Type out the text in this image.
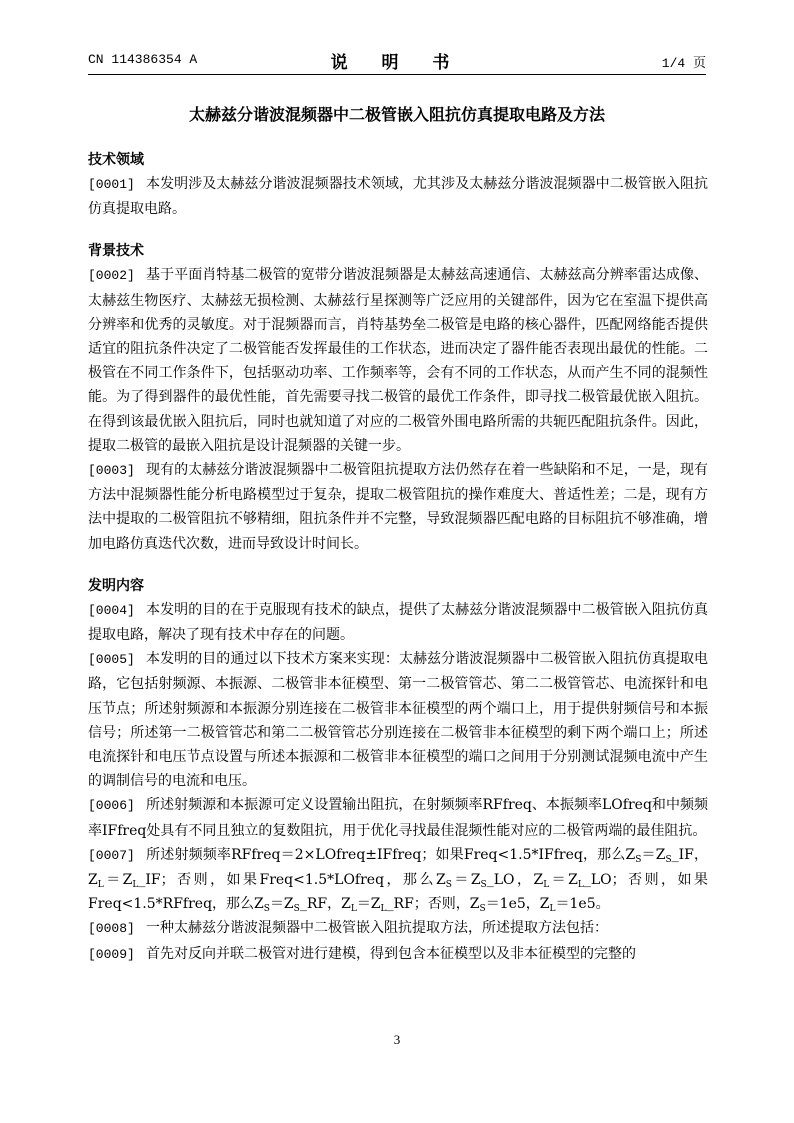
CN 114386354 A	说 明 书	1/4 页
太赫兹分谐波混频器中二极管嵌入阻抗仿真提取电路及方法
技术领域
[0001] 本发明涉及太赫兹分谐波混频器技术领域，尤其涉及太赫兹分谐波混频器中二极管嵌入阻抗仿真提取电路。
背景技术
[0002] 基于平面肖特基二极管的宽带分谐波混频器是太赫兹高速通信、太赫兹高分辨率雷达成像、太赫兹生物医疗、太赫兹无损检测、太赫兹行星探测等广泛应用的关键部件，因为它在室温下提供高分辨率和优秀的灵敏度。对于混频器而言，肖特基势垒二极管是电路的核心器件，匹配网络能否提供适宜的阻抗条件决定了二极管能否发挥最佳的工作状态，进而决定了器件能否表现出最优的性能。二极管在不同工作条件下，包括驱动功率、工作频率等，会有不同的工作状态，从而产生不同的混频性能。为了得到器件的最优性能，首先需要寻找二极管的最优工作条件，即寻找二极管最优嵌入阻抗。在得到该最优嵌入阻抗后，同时也就知道了对应的二极管外围电路所需的共轭匹配阻抗条件。因此，提取二极管的最嵌入阻抗是设计混频器的关键一步。
[0003] 现有的太赫兹分谐波混频器中二极管阻抗提取方法仍然存在着一些缺陷和不足，一是，现有方法中混频器性能分析电路模型过于复杂，提取二极管阻抗的操作难度大、普适性差；二是，现有方法中提取的二极管阻抗不够精细，阻抗条件并不完整，导致混频器匹配电路的目标阻抗不够准确，增加电路仿真迭代次数，进而导致设计时间长。
发明内容
[0004] 本发明的目的在于克服现有技术的缺点，提供了太赫兹分谐波混频器中二极管嵌入阻抗仿真提取电路，解决了现有技术中存在的问题。
[0005] 本发明的目的通过以下技术方案来实现：太赫兹分谐波混频器中二极管嵌入阻抗仿真提取电路，它包括射频源、本振源、二极管非本征模型、第一二极管管芯、第二二极管管芯、电流探针和电压节点；所述射频源和本振源分别连接在二极管非本征模型的两个端口上，用于提供射频信号和本振信号；所述第一二极管管芯和第二二极管管芯分别连接在二极管非本征模型的剩下两个端口上；所述电流探针和电压节点设置与所述本振源和二极管非本征模型的端口之间用于分别测试混频电流中产生的调制信号的电流和电压。
[0006] 所述射频源和本振源可定义设置输出阻抗，在射频频率RFfreq、本振频率LOfreq和中频频率IFfreq处具有不同且独立的复数阻抗，用于优化寻找最佳混频性能对应的二极管两端的最佳阻抗。
[0007] 所述射频频率RFfreq＝2×LOfreq±IFfreq；如果Freq<1.5*IFfreq，那么$Z_S=Z_S\_IF$，$Z_L=Z_L\_IF$；否则，如果Freq<1.5*LOfreq，那么$Z_S=Z_S\_LO$，$Z_L=Z_L\_LO$；否则，如果Freq<1.5*RFfreq，那么$Z_S=Z_S\_RF$，$Z_L=Z_L\_RF$；否则，$Z_S=1e5$，$Z_L=1e5$。
[0008] 一种太赫兹分谐波混频器中二极管嵌入阻抗提取方法，所述提取方法包括：
[0009] 首先对反向并联二极管对进行建模，得到包含本征模型以及非本征模型的完整的
3
